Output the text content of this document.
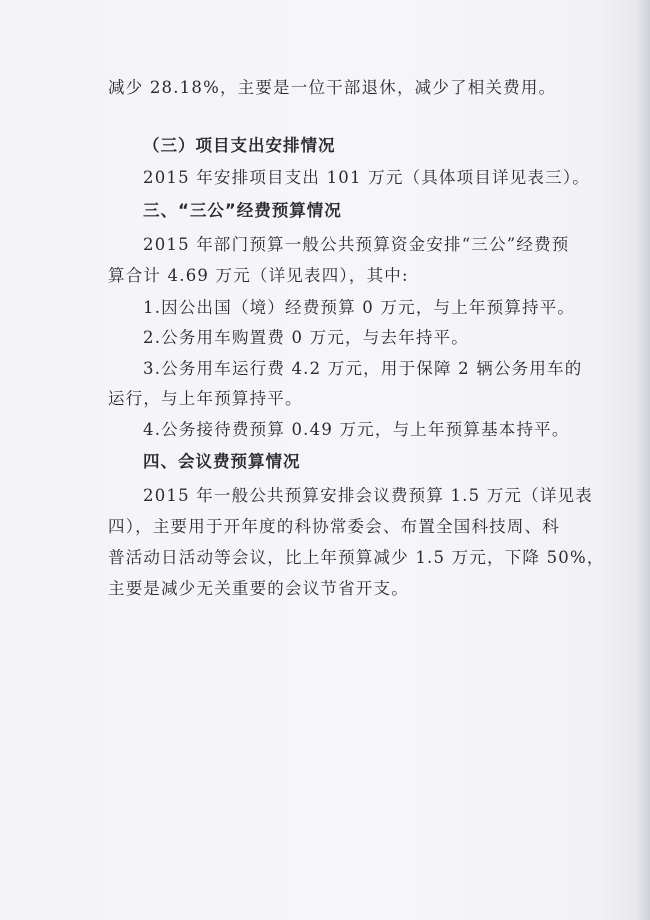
减少 28.18%，主要是一位干部退休，减少了相关费用。

（三）项目支出安排情况

2015 年安排项目支出 101 万元（具体项目详见表三）。

三、“三公”经费预算情况

2015 年部门预算一般公共预算资金安排“三公”经费预

算合计 4.69 万元（详见表四），其中:

1.因公出国（境）经费预算 0 万元，与上年预算持平。

2.公务用车购置费 0 万元，与去年持平。

3.公务用车运行费 4.2 万元，用于保障 2 辆公务用车的

运行，与上年预算持平。

4.公务接待费预算 0.49 万元，与上年预算基本持平。

四、会议费预算情况

2015 年一般公共预算安排会议费预算 1.5 万元（详见表

四），主要用于开年度的科协常委会、布置全国科技周、科

普活动日活动等会议，比上年预算减少 1.5 万元，下降 50%，

主要是减少无关重要的会议节省开支。
